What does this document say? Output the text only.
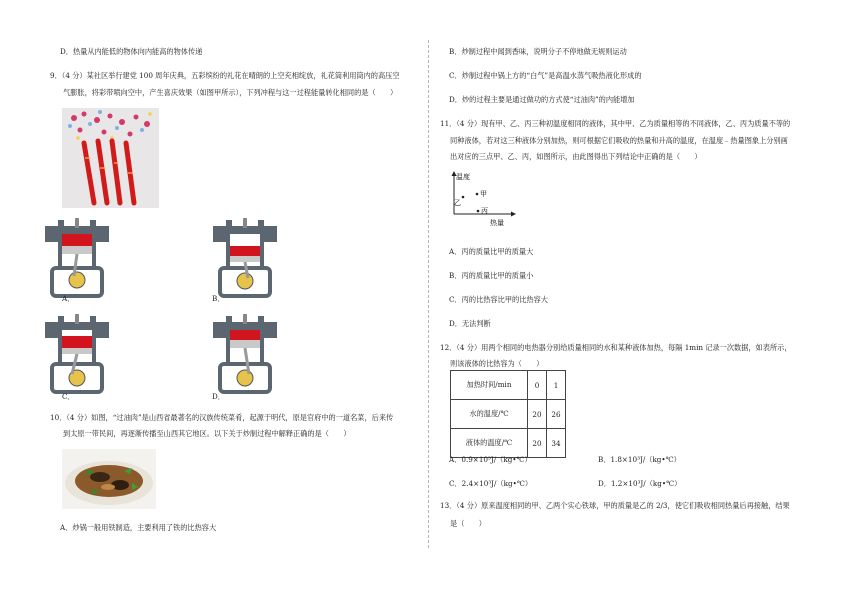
D．热量从内能低的物体向内能高的物体传递
9．（4 分）某社区举行建党 100 周年庆典，五彩缤纷的礼花在晴朗的上空充相绽放，礼花筒利用筒内的高压空
气膨胀，将彩带喷向空中，产生喜庆效果（如图甲所示），下列冲程与这一过程能量转化相同的是（　　）
A．	B．
C．	D．
10．（4 分）如图，“过油肉”是山西省最著名的汉族传统菜肴，起源于明代，原是官府中的一道名菜，后来传
到太原一带民间，再逐渐传播至山西其它地区。以下关于炒制过程中解释正确的是（　　）
A．炒锅一般用铁制造，主要利用了铁的比热容大
B．炒制过程中闻到香味，说明分子不停地做无规则运动
C．炒制过程中锅上方的“白气”是高温水蒸气吸热液化形成的
D．炒的过程主要是通过做功的方式使“过油肉”的内能增加
11．（4 分）现有甲、乙、丙三种初温度相同的液体，其中甲、乙为质量相等的不同液体，乙、丙为质量不等的
同种液体，若对这三种液体分别加热，则可根据它们吸收的热量和升高的温度，在温度﹣热量图象上分别画
出对应的三点甲、乙、丙，如图所示，由此图得出下列结论中正确的是（　　）
温度
热量
乙
甲
丙
A．丙的质量比甲的质量大
B．丙的质量比甲的质量小
C．丙的比热容比甲的比热容大
D．无法判断
12．（4 分）用两个相同的电热器分别给质量相同的水和某种液体加热，每隔 1min 记录一次数据，如表所示，
则该液体的比热容为（　　）
加热时间/min	0	1
水的温度/℃	20	26
液体的温度/℃	20	34
A．0.9×10³J/（kg•℃）	B．1.8×10³J/（kg•℃）
C．2.4×10³J/（kg•℃）	D．1.2×10³J/（kg•℃）
13．（4 分）原来温度相同的甲、乙两个实心铁球，甲的质量是乙的 2/3，使它们吸收相同热量后再接触，结果
是（　　）
